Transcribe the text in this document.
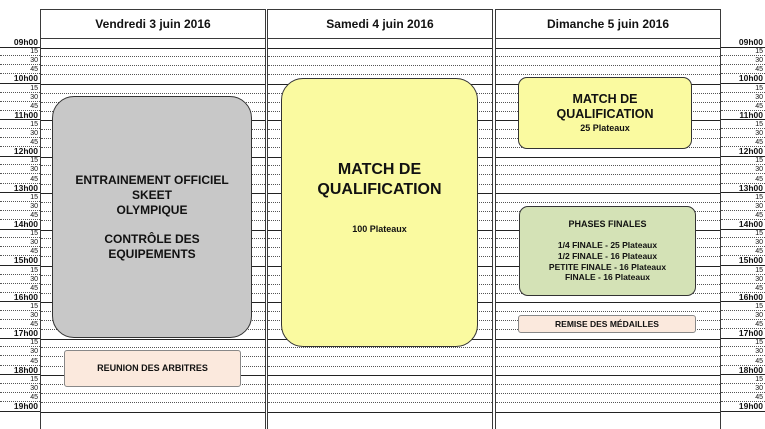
09h00
15
30
45
10h00
15
30
45
11h00
15
30
45
12h00
15
30
45
13h00
15
30
45
14h00
15
30
45
15h00
15
30
45
16h00
15
30
45
17h00
15
30
45
18h00
15
30
45
19h00
09h00
15
30
45
10h00
15
30
45
11h00
15
30
45
12h00
15
30
45
13h00
15
30
45
14h00
15
30
45
15h00
15
30
45
16h00
15
30
45
17h00
15
30
45
18h00
15
30
45
19h00
Vendredi 3 juin 2016	Samedi 4 juin 2016	Dimanche 5 juin 2016
ENTRAINEMENT OFFICIEL
SKEET
OLYMPIQUE
CONTRÔLE DES
EQUIPEMENTS
REUNION DES ARBITRES
MATCH DE
QUALIFICATION
100 Plateaux
MATCH DE
QUALIFICATION
25 Plateaux
PHASES FINALES
1/4 FINALE - 25 Plateaux
1/2 FINALE - 16 Plateaux
PETITE FINALE - 16 Plateaux
FINALE - 16 Plateaux
REMISE DES MÉDAILLES
